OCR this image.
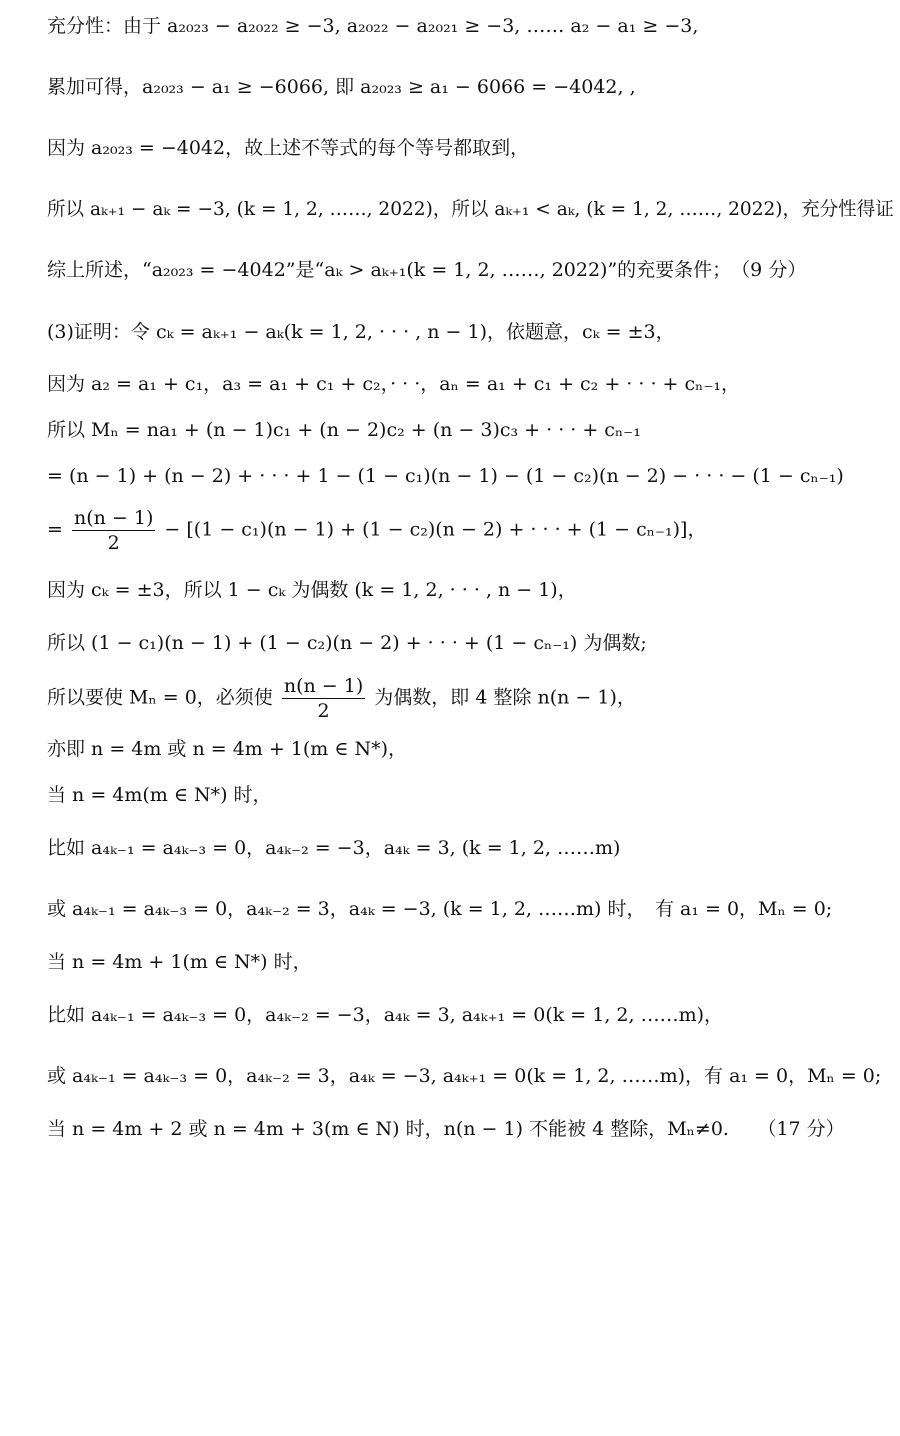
充分性：由于 a₂₀₂₃ − a₂₀₂₂ ≥ −3, a₂₀₂₂ − a₂₀₂₁ ≥ −3, …… a₂ − a₁ ≥ −3,
累加可得，a₂₀₂₃ − a₁ ≥ −6066, 即 a₂₀₂₃ ≥ a₁ − 6066 = −4042, ,
因为 a₂₀₂₃ = −4042，故上述不等式的每个等号都取到，
所以 aₖ₊₁ − aₖ = −3, (k = 1, 2, ……, 2022)，所以 aₖ₊₁ < aₖ, (k = 1, 2, ……, 2022)，充分性得证
综上所述，“a₂₀₂₃ = −4042”是“aₖ > aₖ₊₁(k = 1, 2, ……, 2022)”的充要条件；　（9 分）
(3)证明：令 cₖ = aₖ₊₁ − aₖ(k = 1, 2, · · · , n − 1)，依题意，cₖ = ±3，
因为 a₂ = a₁ + c₁，a₃ = a₁ + c₁ + c₂，· · ·，aₙ = a₁ + c₁ + c₂ + · · · + cₙ₋₁，
所以 Mₙ = na₁ + (n − 1)c₁ + (n − 2)c₂ + (n − 3)c₃ + · · · + cₙ₋₁
= (n − 1) + (n − 2) + · · · + 1 − (1 − c₁)(n − 1) − (1 − c₂)(n − 2) − · · · − (1 − cₙ₋₁)
= $\frac{n(n - 1)}{2} - [(1 - c_1)(n - 1) + (1 - c_2)(n - 2)$ + · · · + (1 − cₙ₋₁)]，
因为 cₖ = ±3，所以 1 − cₖ 为偶数 (k = 1, 2, · · · , n − 1)，
所以 (1 − c₁)(n − 1) + (1 − c₂)(n − 2) + · · · + (1 − cₙ₋₁) 为偶数;
所以要使 Mₙ = 0，必须使 $\frac{n(n - 1)}{2}$ 为偶数，即 4 整除 n(n − 1)，
亦即 n = 4m 或 n = 4m + 1(m ∈ N*)，
当 n = 4m(m ∈ N*) 时，
比如 a₄ₖ₋₁ = a₄ₖ₋₃ = 0，a₄ₖ₋₂ = −3，a₄ₖ = 3, (k = 1, 2, ……m)
或 a₄ₖ₋₁ = a₄ₖ₋₃ = 0，a₄ₖ₋₂ = 3，a₄ₖ = −3, (k = 1, 2, ……m) 时，　有 a₁ = 0，Mₙ = 0;
当 n = 4m + 1(m ∈ N*) 时，
比如 a₄ₖ₋₁ = a₄ₖ₋₃ = 0，a₄ₖ₋₂ = −3，a₄ₖ = 3, a₄ₖ₊₁ = 0(k = 1, 2, ……m)，
或 a₄ₖ₋₁ = a₄ₖ₋₃ = 0，a₄ₖ₋₂ = 3，a₄ₖ = −3, a₄ₖ₊₁ = 0(k = 1, 2, ……m)，有 a₁ = 0，Mₙ = 0;
当 n = 4m + 2 或 n = 4m + 3(m ∈ N) 时，n(n − 1) 不能被 4 整除，Mₙ≠0.　　（17 分）
